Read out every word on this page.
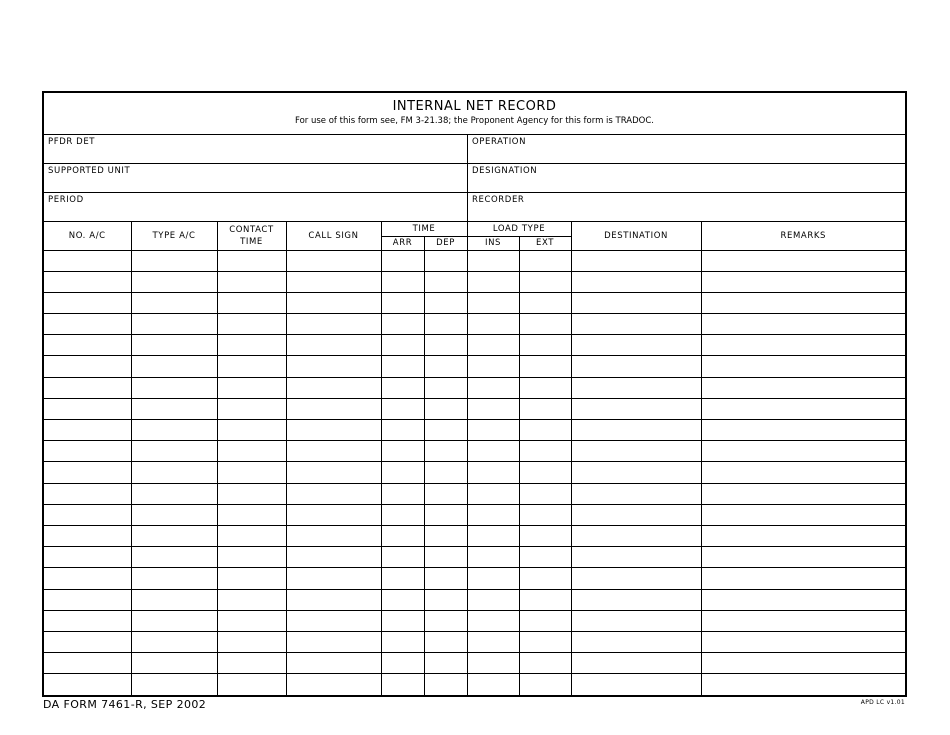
INTERNAL NET RECORD
For use of this form see, FM 3-21.38; the Proponent Agency for this form is TRADOC.
PFDR DET	OPERATION
SUPPORTED UNIT	DESIGNATION
PERIOD	RECORDER
NO. A/C	TYPE A/C	CONTACT TIME	CALL SIGN	TIME		LOAD TYPE		DESTINATION	REMARKS
				ARR	DEP	INS	EXT		

DA FORM 7461-R, SEP 2002	APD LC v1.01
